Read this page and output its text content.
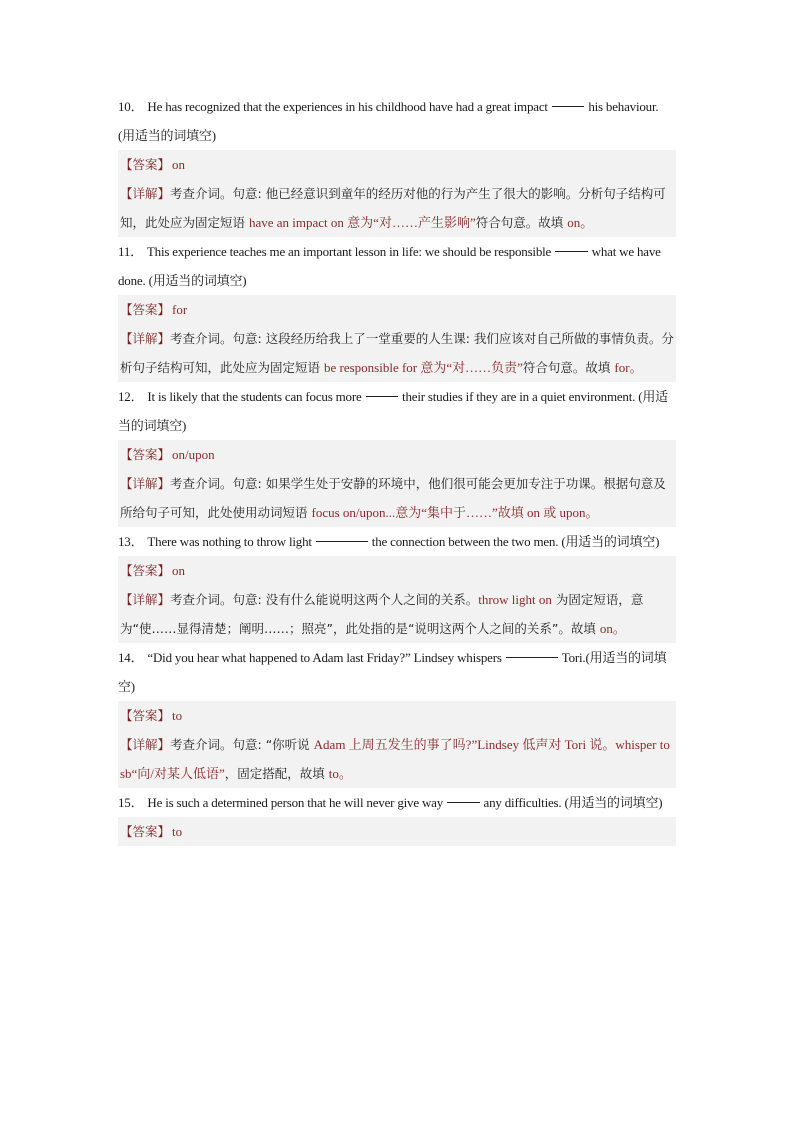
10． He has recognized that the experiences in his childhood have had a great impact	his behaviour. (用适当的词填空)

【答案】 on

【详解】考查介词。句意: 他已经意识到童年的经历对他的行为产生了很大的影响。分析句子结构可知，此处应为固定短语 have an impact on 意为“对……产生影响”符合句意。故填 on。

11． This experience teaches me an important lesson in life: we should be responsible	what we have done. (用适当的词填空)

【答案】 for

【详解】考查介词。句意: 这段经历给我上了一堂重要的人生课: 我们应该对自己所做的事情负责。分析句子结构可知，此处应为固定短语 be responsible for 意为“对……负责”符合句意。故填 for。

12． It is likely that the students can focus more	their studies if they are in a quiet environment. (用适当的词填空)

【答案】 on/upon

【详解】考查介词。句意: 如果学生处于安静的环境中，他们很可能会更加专注于功课。根据句意及所给句子可知，此处使用动词短语 focus on/upon...意为“集中于……”故填 on 或 upon。

13． There was nothing to throw light	the connection between the two men. (用适当的词填空)

【答案】 on

【详解】考查介词。句意: 没有什么能说明这两个人之间的关系。throw light on 为固定短语，意为“使……显得清楚；阐明……；照亮”，此处指的是“说明这两个人之间的关系”。故填 on。

14． “Did you hear what happened to Adam last Friday?” Lindsey whispers	Tori.(用适当的词填空)

【答案】 to

【详解】考查介词。句意: “你听说 Adam 上周五发生的事了吗?”Lindsey 低声对 Tori 说。whisper to sb“向/对某人低语”，固定搭配，故填 to。

15． He is such a determined person that he will never give way	any difficulties. (用适当的词填空)

【答案】 to
